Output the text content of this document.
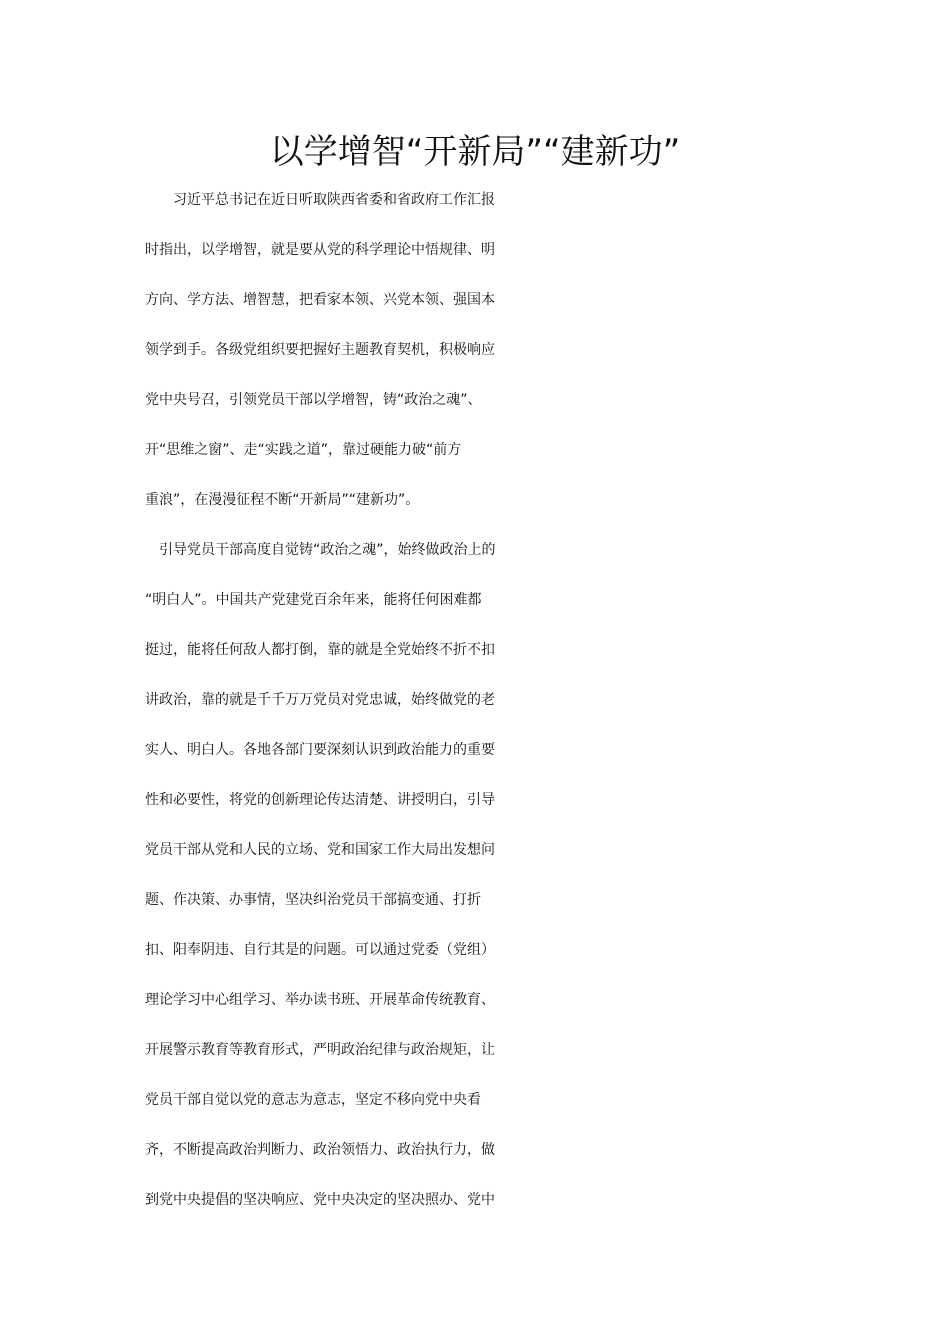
以学增智“开新局”“建新功”
　　习近平总书记在近日听取陕西省委和省政府工作汇报
时指出，以学增智，就是要从党的科学理论中悟规律、明
方向、学方法、增智慧，把看家本领、兴党本领、强国本
领学到手。各级党组织要把握好主题教育契机，积极响应
党中央号召，引领党员干部以学增智，铸“政治之魂”、
开“思维之窗”、走“实践之道”，靠过硬能力破“前方
重浪”，在漫漫征程不断“开新局”“建新功”。
　引导党员干部高度自觉铸“政治之魂”，始终做政治上的
“明白人”。中国共产党建党百余年来，能将任何困难都
挺过，能将任何敌人都打倒，靠的就是全党始终不折不扣
讲政治，靠的就是千千万万党员对党忠诚，始终做党的老
实人、明白人。各地各部门要深刻认识到政治能力的重要
性和必要性，将党的创新理论传达清楚、讲授明白，引导
党员干部从党和人民的立场、党和国家工作大局出发想问
题、作决策、办事情，坚决纠治党员干部搞变通、打折
扣、阳奉阴违、自行其是的问题。可以通过党委（党组）
理论学习中心组学习、举办读书班、开展革命传统教育、
开展警示教育等教育形式，严明政治纪律与政治规矩，让
党员干部自觉以党的意志为意志，坚定不移向党中央看
齐，不断提高政治判断力、政治领悟力、政治执行力，做
到党中央提倡的坚决响应、党中央决定的坚决照办、党中
